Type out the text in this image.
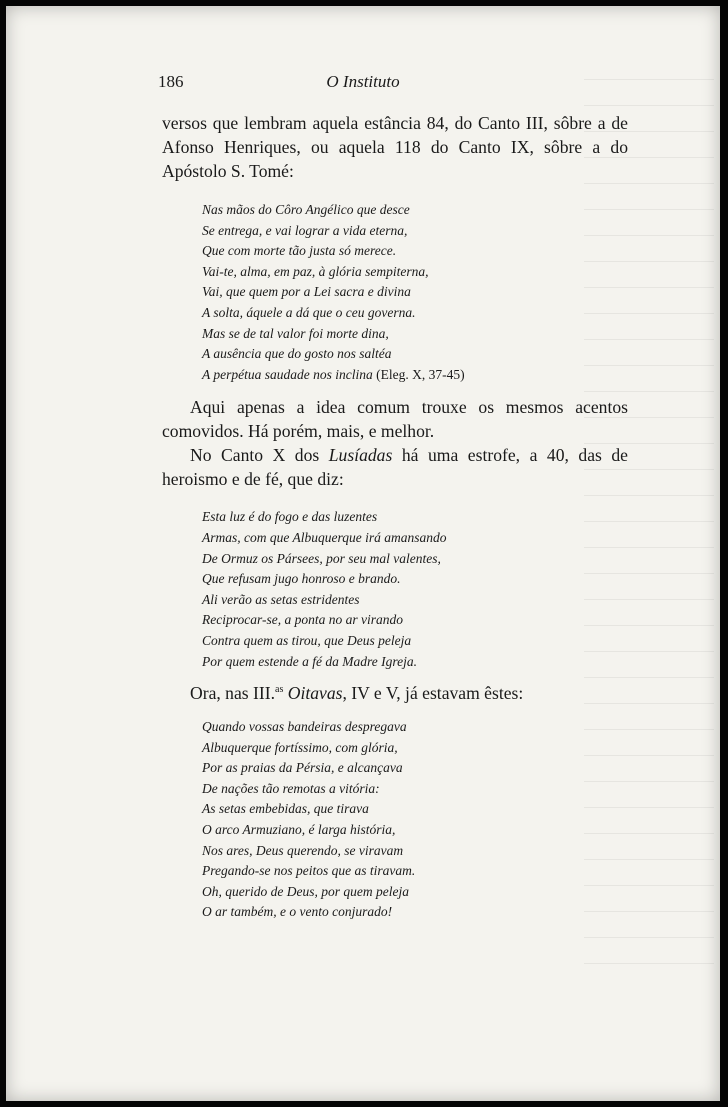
186	O Instituto

versos que lembram aquela estância 84, do Canto III, sôbre a de Afonso Henriques, ou aquela 118 do Canto IX, sôbre a do Apóstolo S. Tomé:

Nas mãos do Côro Angélico que desce
Se entrega, e vai lograr a vida eterna,
Que com morte tão justa só merece.
Vai-te, alma, em paz, à glória sempiterna,
Vai, que quem por a Lei sacra e divina
A solta, áquele a dá que o ceu governa.
Mas se de tal valor foi morte dina,
A ausência que do gosto nos saltéa
A perpétua saudade nos inclina (Eleg. X, 37-45)

Aqui apenas a idea comum trouxe os mesmos acentos comovidos. Há porém, mais, e melhor.

No Canto X dos Lusíadas há uma estrofe, a 40, das de heroismo e de fé, que diz:

Esta luz é do fogo e das luzentes
Armas, com que Albuquerque irá amansando
De Ormuz os Pársees, por seu mal valentes,
Que refusam jugo honroso e brando.
Ali verão as setas estridentes
Reciprocar-se, a ponta no ar virando
Contra quem as tirou, que Deus peleja
Por quem estende a fé da Madre Igreja.

Ora, nas III.$^{as}$ Oitavas, IV e V, já estavam êstes:

Quando vossas bandeiras despregava
Albuquerque fortíssimo, com glória,
Por as praias da Pérsia, e alcançava
De nações tão remotas a vitória:
As setas embebidas, que tirava
O arco Armuziano, é larga história,
Nos ares, Deus querendo, se viravam
Pregando-se nos peitos que as tiravam.
Oh, querido de Deus, por quem peleja
O ar também, e o vento conjurado!
